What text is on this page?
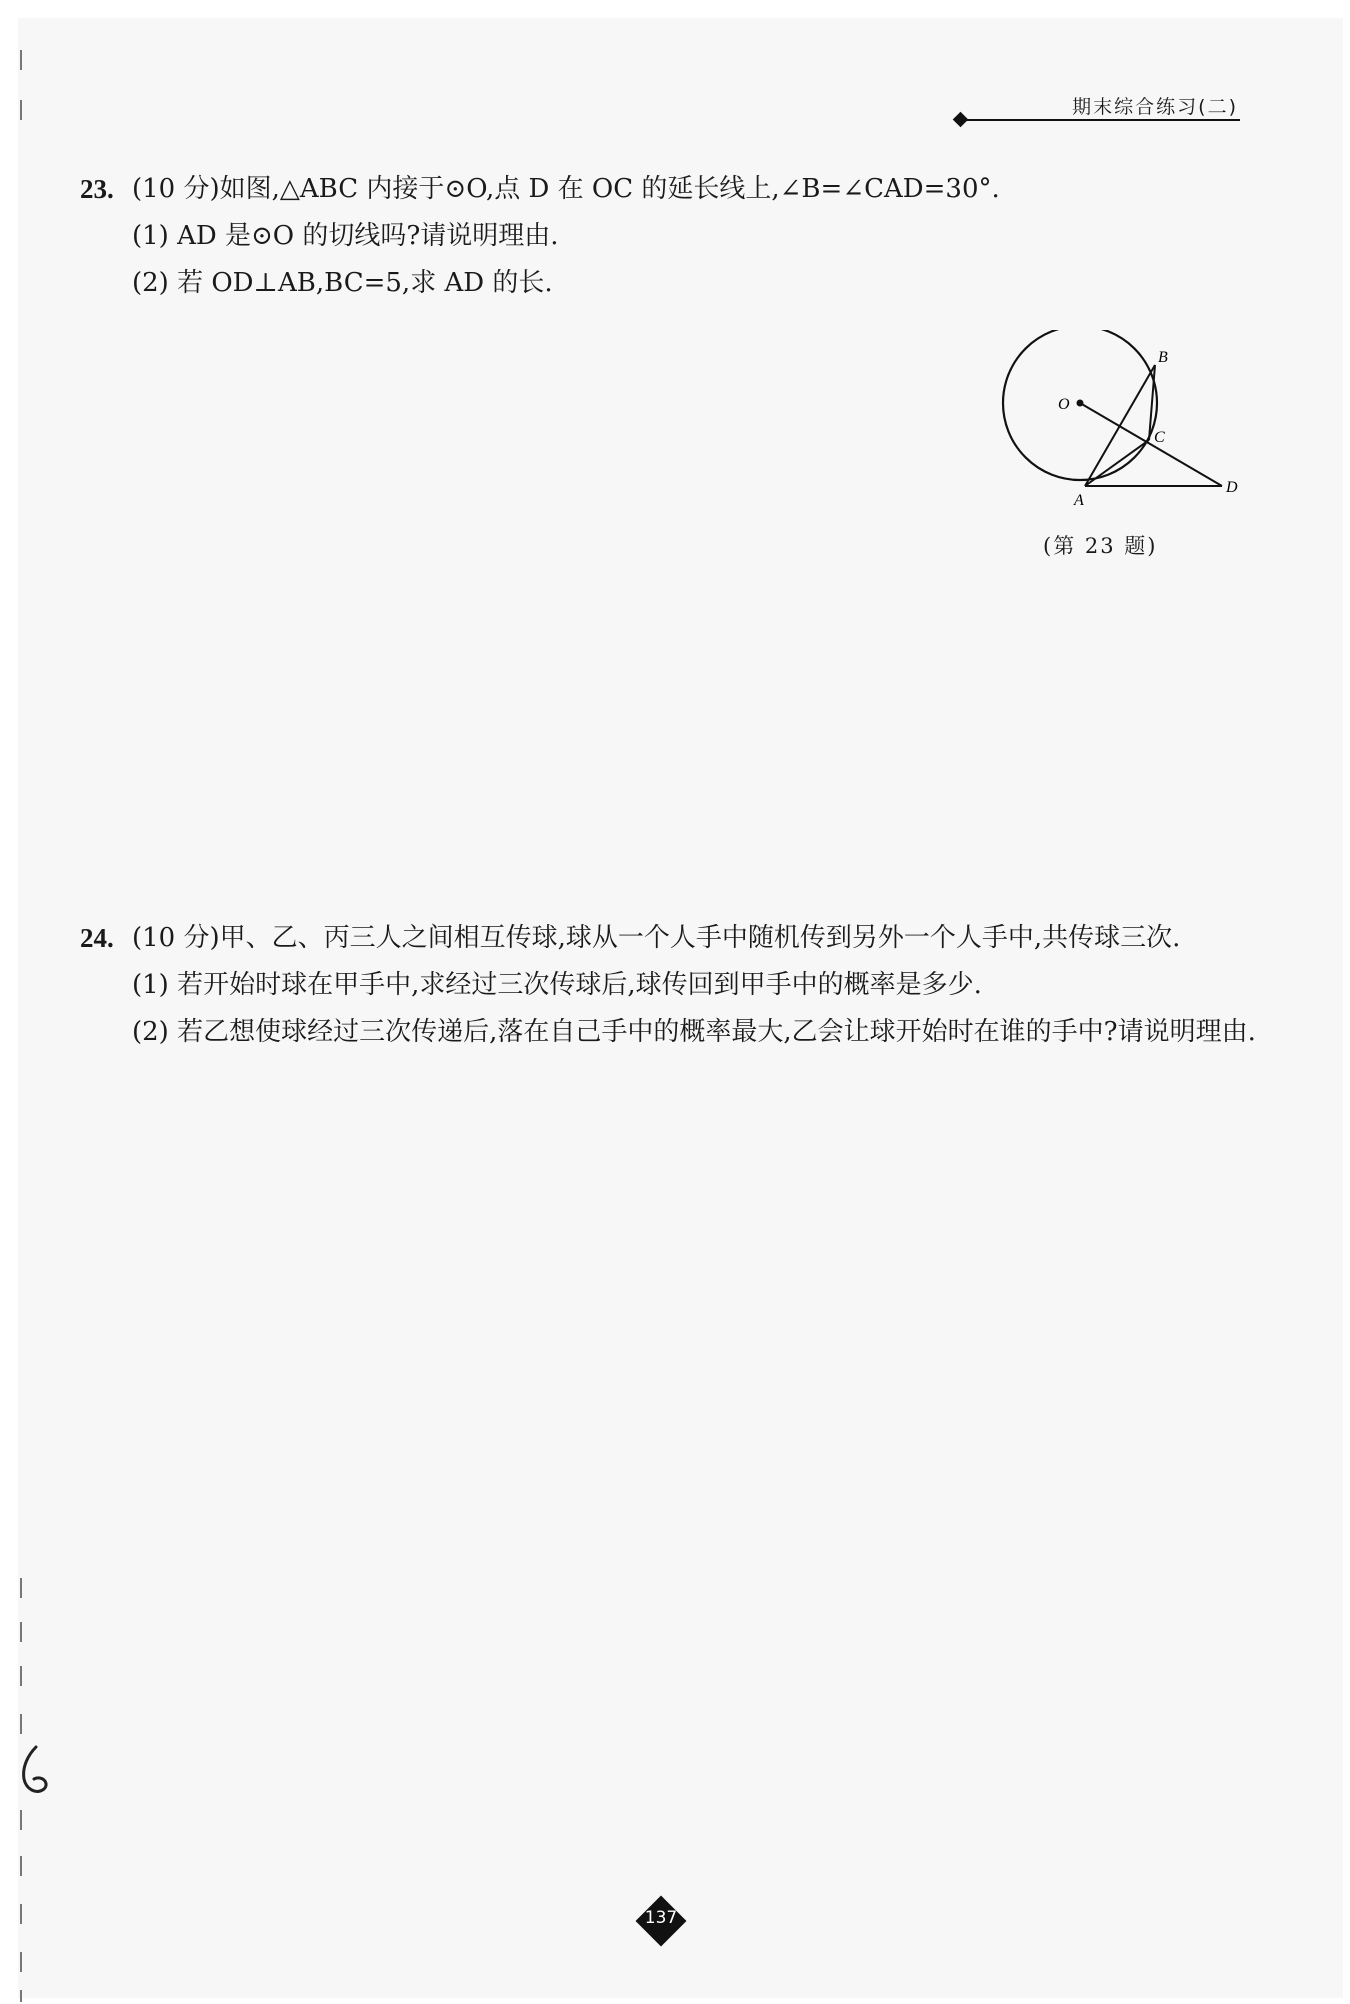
期末综合练习(二)
23. (10 分)如图,△ABC 内接于⊙O,点 D 在 OC 的延长线上,∠B=∠CAD=30°.
(1) AD 是⊙O 的切线吗?请说明理由.
(2) 若 OD⊥AB,BC=5,求 AD 的长.
O
B
C
A
D
(第 23 题)
24. (10 分)甲、乙、丙三人之间相互传球,球从一个人手中随机传到另外一个人手中,共传球三次.
(1) 若开始时球在甲手中,求经过三次传球后,球传回到甲手中的概率是多少.
(2) 若乙想使球经过三次传递后,落在自己手中的概率最大,乙会让球开始时在谁的手中?请说明理由.
137
